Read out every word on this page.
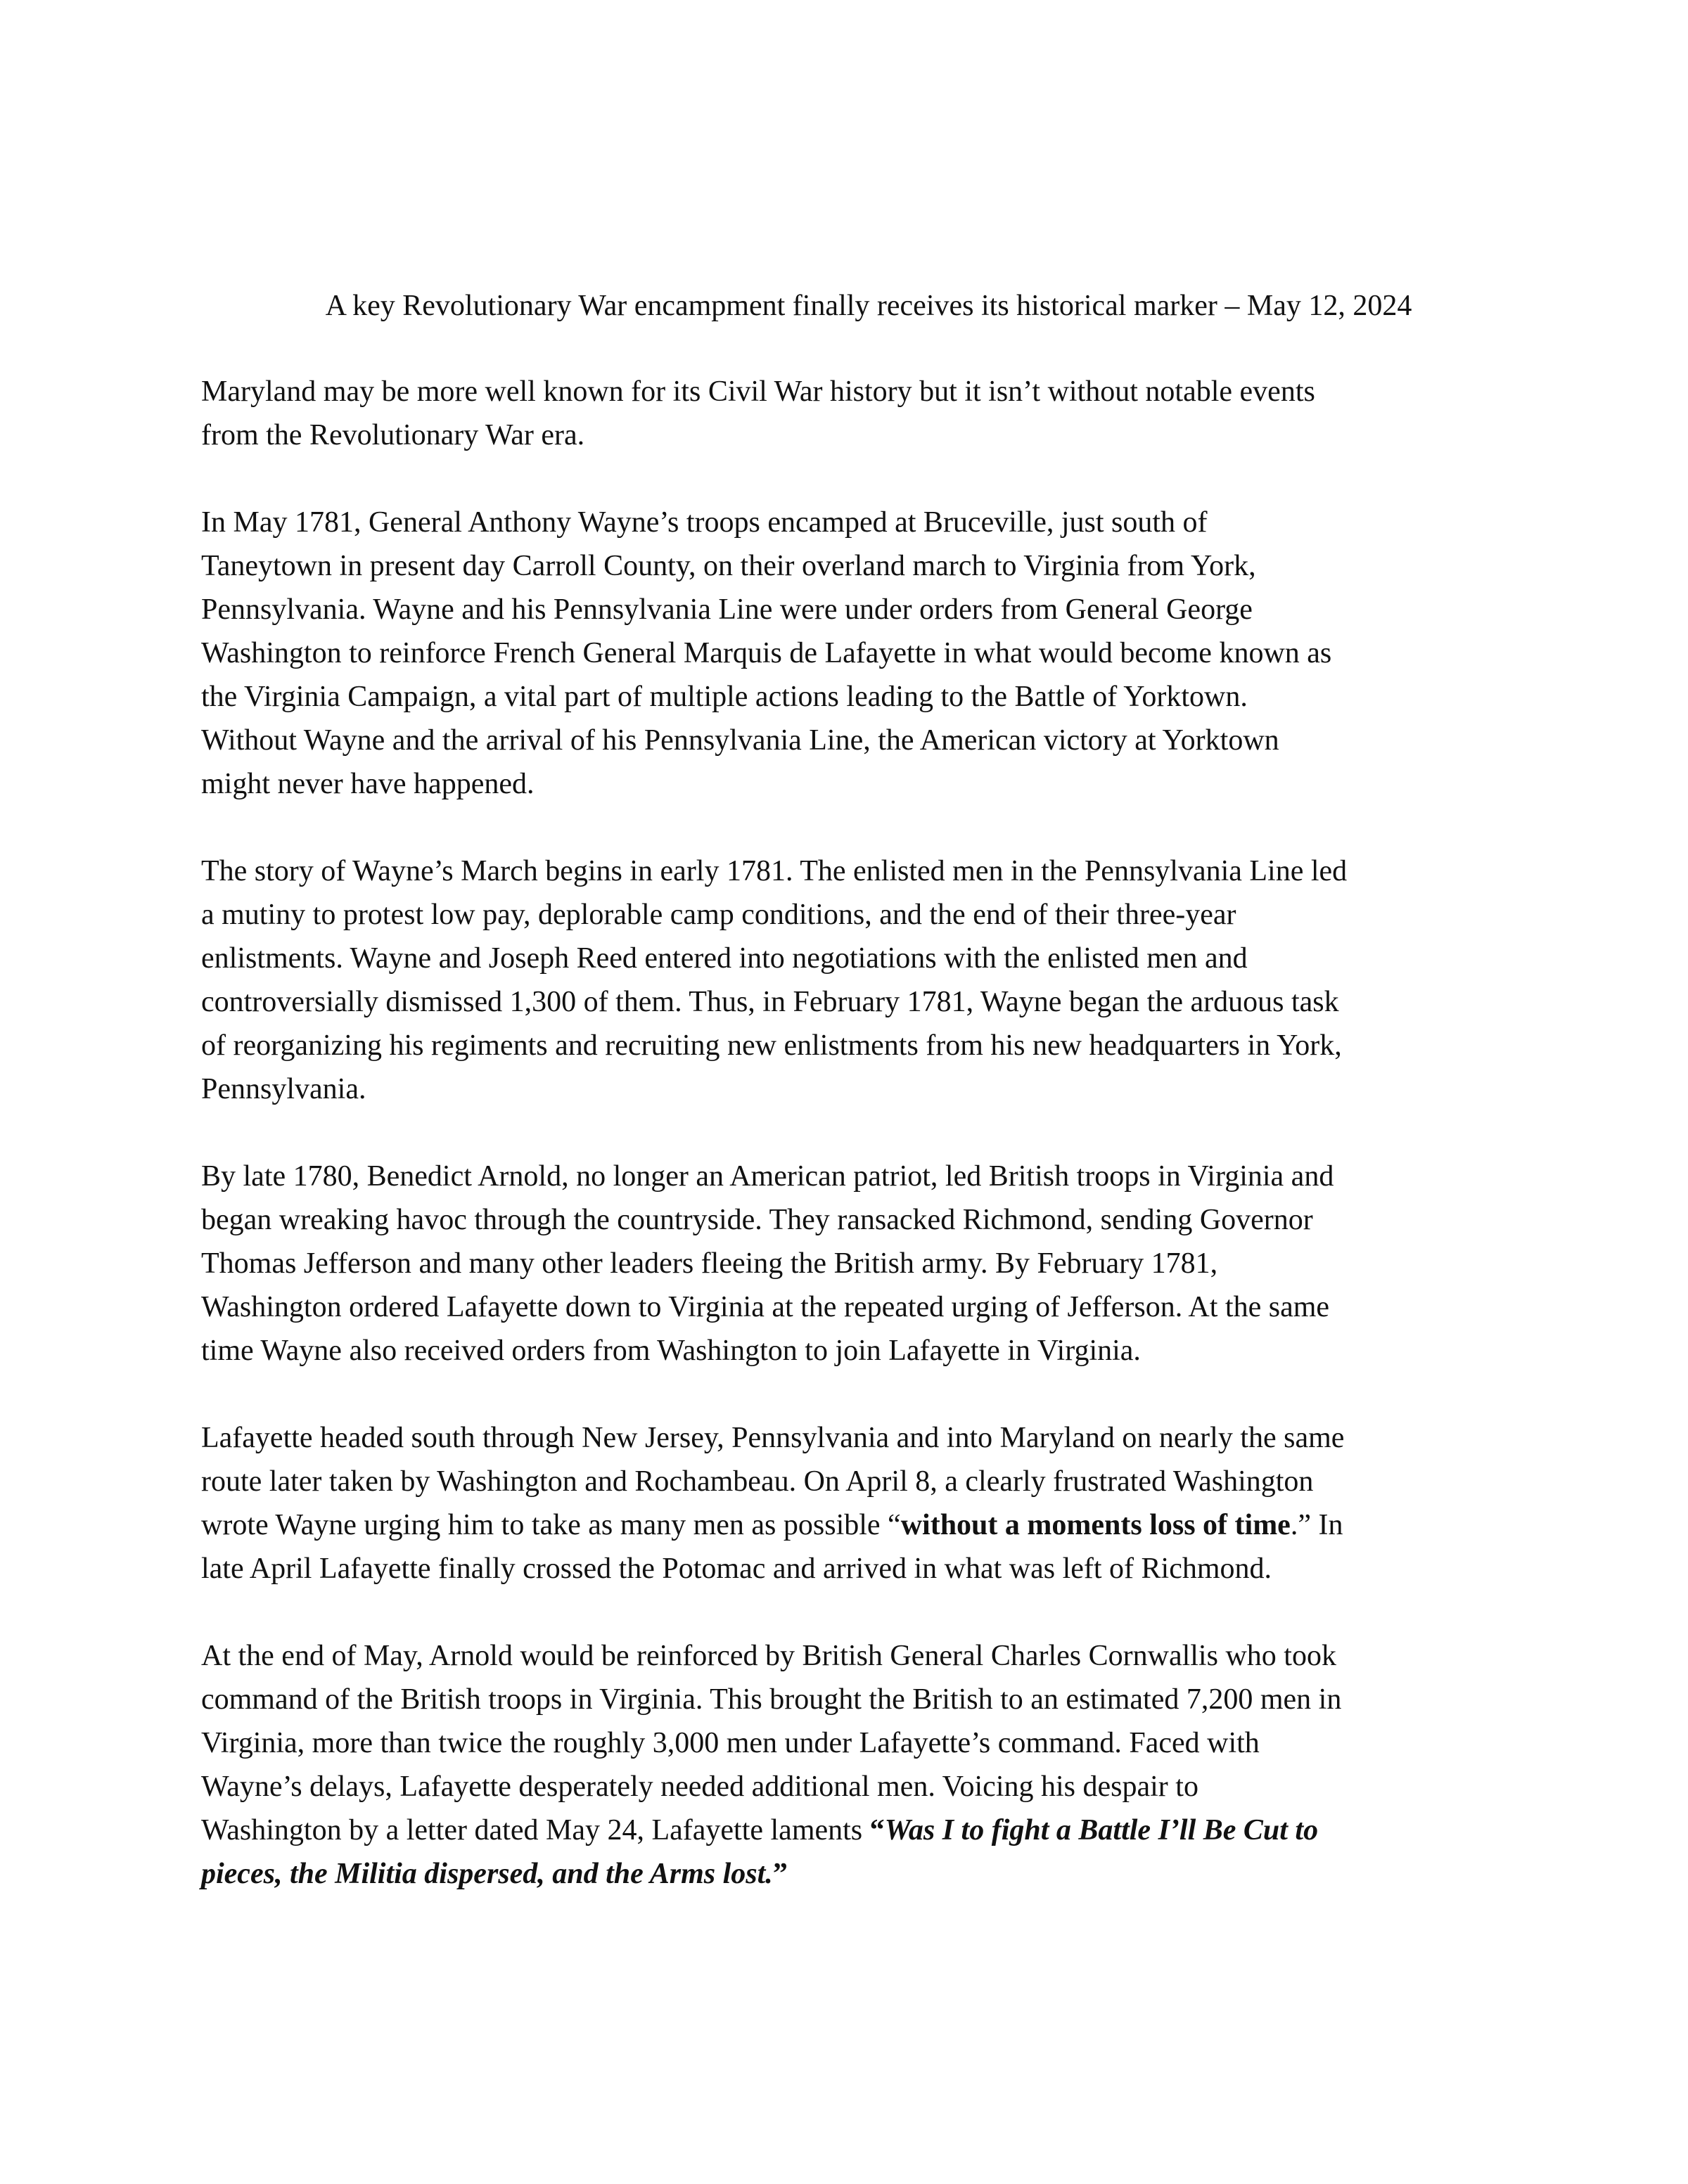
A key Revolutionary War encampment finally receives its historical marker – May 12, 2024

Maryland may be more well known for its Civil War history but it isn’t without notable events
from the Revolutionary War era.

In May 1781, General Anthony Wayne’s troops encamped at Bruceville, just south of
Taneytown in present day Carroll County, on their overland march to Virginia from York,
Pennsylvania. Wayne and his Pennsylvania Line were under orders from General George
Washington to reinforce French General Marquis de Lafayette in what would become known as
the Virginia Campaign, a vital part of multiple actions leading to the Battle of Yorktown.
Without Wayne and the arrival of his Pennsylvania Line, the American victory at Yorktown
might never have happened.

The story of Wayne’s March begins in early 1781. The enlisted men in the Pennsylvania Line led
a mutiny to protest low pay, deplorable camp conditions, and the end of their three-year
enlistments. Wayne and Joseph Reed entered into negotiations with the enlisted men and
controversially dismissed 1,300 of them. Thus, in February 1781, Wayne began the arduous task
of reorganizing his regiments and recruiting new enlistments from his new headquarters in York,
Pennsylvania.

By late 1780, Benedict Arnold, no longer an American patriot, led British troops in Virginia and
began wreaking havoc through the countryside. They ransacked Richmond, sending Governor
Thomas Jefferson and many other leaders fleeing the British army. By February 1781,
Washington ordered Lafayette down to Virginia at the repeated urging of Jefferson. At the same
time Wayne also received orders from Washington to join Lafayette in Virginia.

Lafayette headed south through New Jersey, Pennsylvania and into Maryland on nearly the same
route later taken by Washington and Rochambeau. On April 8, a clearly frustrated Washington
wrote Wayne urging him to take as many men as possible “without a moments loss of time.” In
late April Lafayette finally crossed the Potomac and arrived in what was left of Richmond.

At the end of May, Arnold would be reinforced by British General Charles Cornwallis who took
command of the British troops in Virginia. This brought the British to an estimated 7,200 men in
Virginia, more than twice the roughly 3,000 men under Lafayette’s command. Faced with
Wayne’s delays, Lafayette desperately needed additional men. Voicing his despair to
Washington by a letter dated May 24, Lafayette laments “Was I to fight a Battle I’ll Be Cut to
pieces, the Militia dispersed, and the Arms lost.”
